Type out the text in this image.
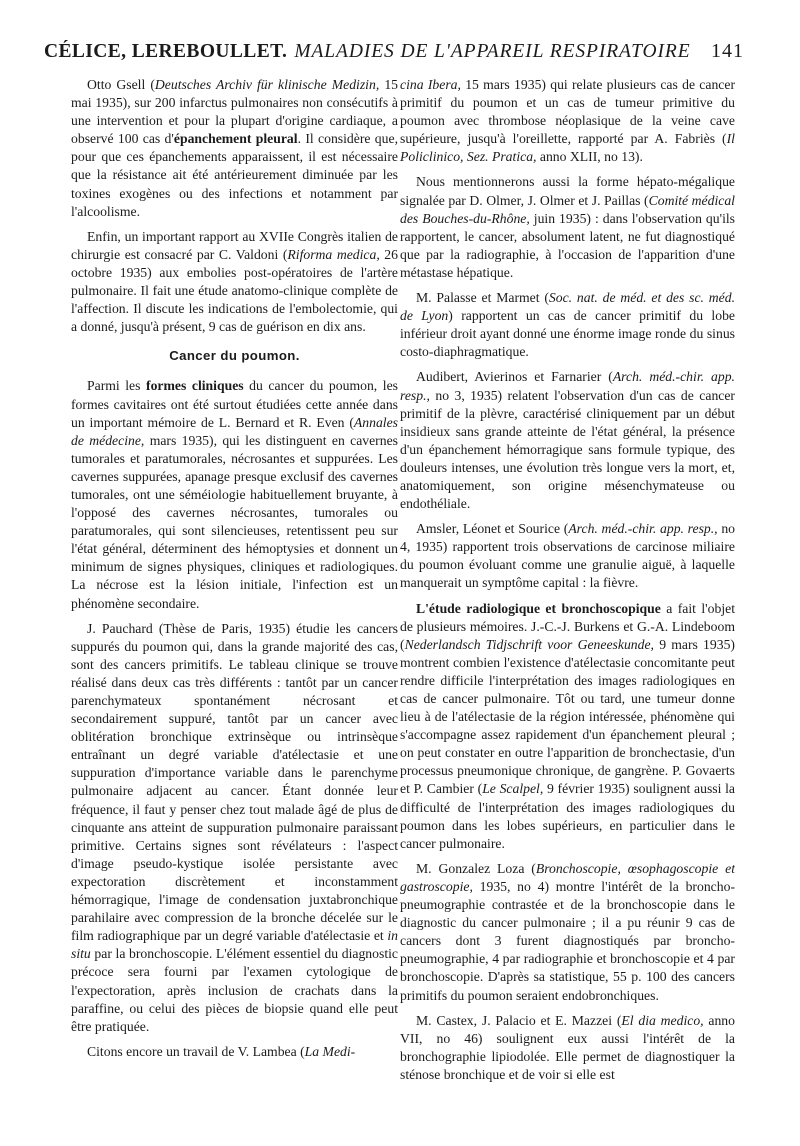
CÉLICE, LEREBOULLET. MALADIES DE L'APPAREIL RESPIRATOIRE 141

Otto Gsell (Deutsches Archiv für klinische Medizin, 15 mai 1935), sur 200 infarctus pulmonaires non consécutifs à une intervention et pour la plupart d'origine cardiaque, a observé 100 cas d'épanchement pleural. Il considère que, pour que ces épanchements apparaissent, il est nécessaire que la résistance ait été antérieurement diminuée par les toxines exogènes ou des infections et notamment par l'alcoolisme.

Enfin, un important rapport au XVIIe Congrès italien de chirurgie est consacré par C. Valdoni (Riforma medica, 26 octobre 1935) aux embolies post-opératoires de l'artère pulmonaire. Il fait une étude anatomo-clinique complète de l'affection. Il discute les indications de l'embolectomie, qui a donné, jusqu'à présent, 9 cas de guérison en dix ans.

Cancer du poumon.

Parmi les formes cliniques du cancer du poumon, les formes cavitaires ont été surtout étudiées cette année dans un important mémoire de L. Bernard et R. Even (Annales de médecine, mars 1935), qui les distinguent en cavernes tumorales et paratumorales, nécrosantes et suppurées. Les cavernes suppurées, apanage presque exclusif des cavernes tumorales, ont une séméiologie habituellement bruyante, à l'opposé des cavernes nécrosantes, tumorales ou paratumorales, qui sont silencieuses, retentissent peu sur l'état général, déterminent des hémoptysies et donnent un minimum de signes physiques, cliniques et radiologiques. La nécrose est la lésion initiale, l'infection est un phénomène secondaire.

J. Pauchard (Thèse de Paris, 1935) étudie les cancers suppurés du poumon qui, dans la grande majorité des cas, sont des cancers primitifs. Le tableau clinique se trouve réalisé dans deux cas très différents : tantôt par un cancer parenchymateux spontanément nécrosant et secondairement suppuré, tantôt par un cancer avec oblitération bronchique extrinsèque ou intrinsèque entraînant un degré variable d'atélectasie et une suppuration d'importance variable dans le parenchyme pulmonaire adjacent au cancer. Étant donnée leur fréquence, il faut y penser chez tout malade âgé de plus de cinquante ans atteint de suppuration pulmonaire paraissant primitive. Certains signes sont révélateurs : l'aspect d'image pseudo-kystique isolée persistante avec expectoration discrètement et inconstamment hémorragique, l'image de condensation juxtabronchique parahilaire avec compression de la bronche décelée sur le film radiographique par un degré variable d'atélectasie et in situ par la bronchoscopie. L'élément essentiel du diagnostic précoce sera fourni par l'examen cytologique de l'expectoration, après inclusion de crachats dans la paraffine, ou celui des pièces de biopsie quand elle peut être pratiquée.

Citons encore un travail de V. Lambea (La Medi-

cina Ibera, 15 mars 1935) qui relate plusieurs cas de cancer primitif du poumon et un cas de tumeur primitive du poumon avec thrombose néoplasique de la veine cave supérieure, jusqu'à l'oreillette, rapporté par A. Fabriès (Il Policlinico, Sez. Pratica, anno XLII, no 13).

Nous mentionnerons aussi la forme hépato-mégalique signalée par D. Olmer, J. Olmer et J. Paillas (Comité médical des Bouches-du-Rhône, juin 1935) : dans l'observation qu'ils rapportent, le cancer, absolument latent, ne fut diagnostiqué que par la radiographie, à l'occasion de l'apparition d'une métastase hépatique.

M. Palasse et Marmet (Soc. nat. de méd. et des sc. méd. de Lyon) rapportent un cas de cancer primitif du lobe inférieur droit ayant donné une énorme image ronde du sinus costo-diaphragmatique.

Audibert, Avierinos et Farnarier (Arch. méd.-chir. app. resp., no 3, 1935) relatent l'observation d'un cas de cancer primitif de la plèvre, caractérisé cliniquement par un début insidieux sans grande atteinte de l'état général, la présence d'un épanchement hémorragique sans formule typique, des douleurs intenses, une évolution très longue vers la mort, et, anatomiquement, son origine mésenchymateuse ou endothéliale.

Amsler, Léonet et Sourice (Arch. méd.-chir. app. resp., no 4, 1935) rapportent trois observations de carcinose miliaire du poumon évoluant comme une granulie aiguë, à laquelle manquerait un symptôme capital : la fièvre.

L'étude radiologique et bronchoscopique a fait l'objet de plusieurs mémoires. J.-C.-J. Burkens et G.-A. Lindeboom (Nederlandsch Tidjschrift voor Geneeskunde, 9 mars 1935) montrent combien l'existence d'atélectasie concomitante peut rendre difficile l'interprétation des images radiologiques en cas de cancer pulmonaire. Tôt ou tard, une tumeur donne lieu à de l'atélectasie de la région intéressée, phénomène qui s'accompagne assez rapidement d'un épanchement pleural ; on peut constater en outre l'apparition de bronchectasie, d'un processus pneumonique chronique, de gangrène. P. Govaerts et P. Cambier (Le Scalpel, 9 février 1935) soulignent aussi la difficulté de l'interprétation des images radiologiques du poumon dans les lobes supérieurs, en particulier dans le cancer pulmonaire.

M. Gonzalez Loza (Bronchoscopie, œsophagoscopie et gastroscopie, 1935, no 4) montre l'intérêt de la broncho-pneumographie contrastée et de la bronchoscopie dans le diagnostic du cancer pulmonaire ; il a pu réunir 9 cas de cancers dont 3 furent diagnostiqués par broncho-pneumographie, 4 par radiographie et bronchoscopie et 4 par bronchoscopie. D'après sa statistique, 55 p. 100 des cancers primitifs du poumon seraient endobronchiques.

M. Castex, J. Palacio et E. Mazzei (El dia medico, anno VII, no 46) soulignent eux aussi l'intérêt de la bronchographie lipiodolée. Elle permet de diagnostiquer la sténose bronchique et de voir si elle est
